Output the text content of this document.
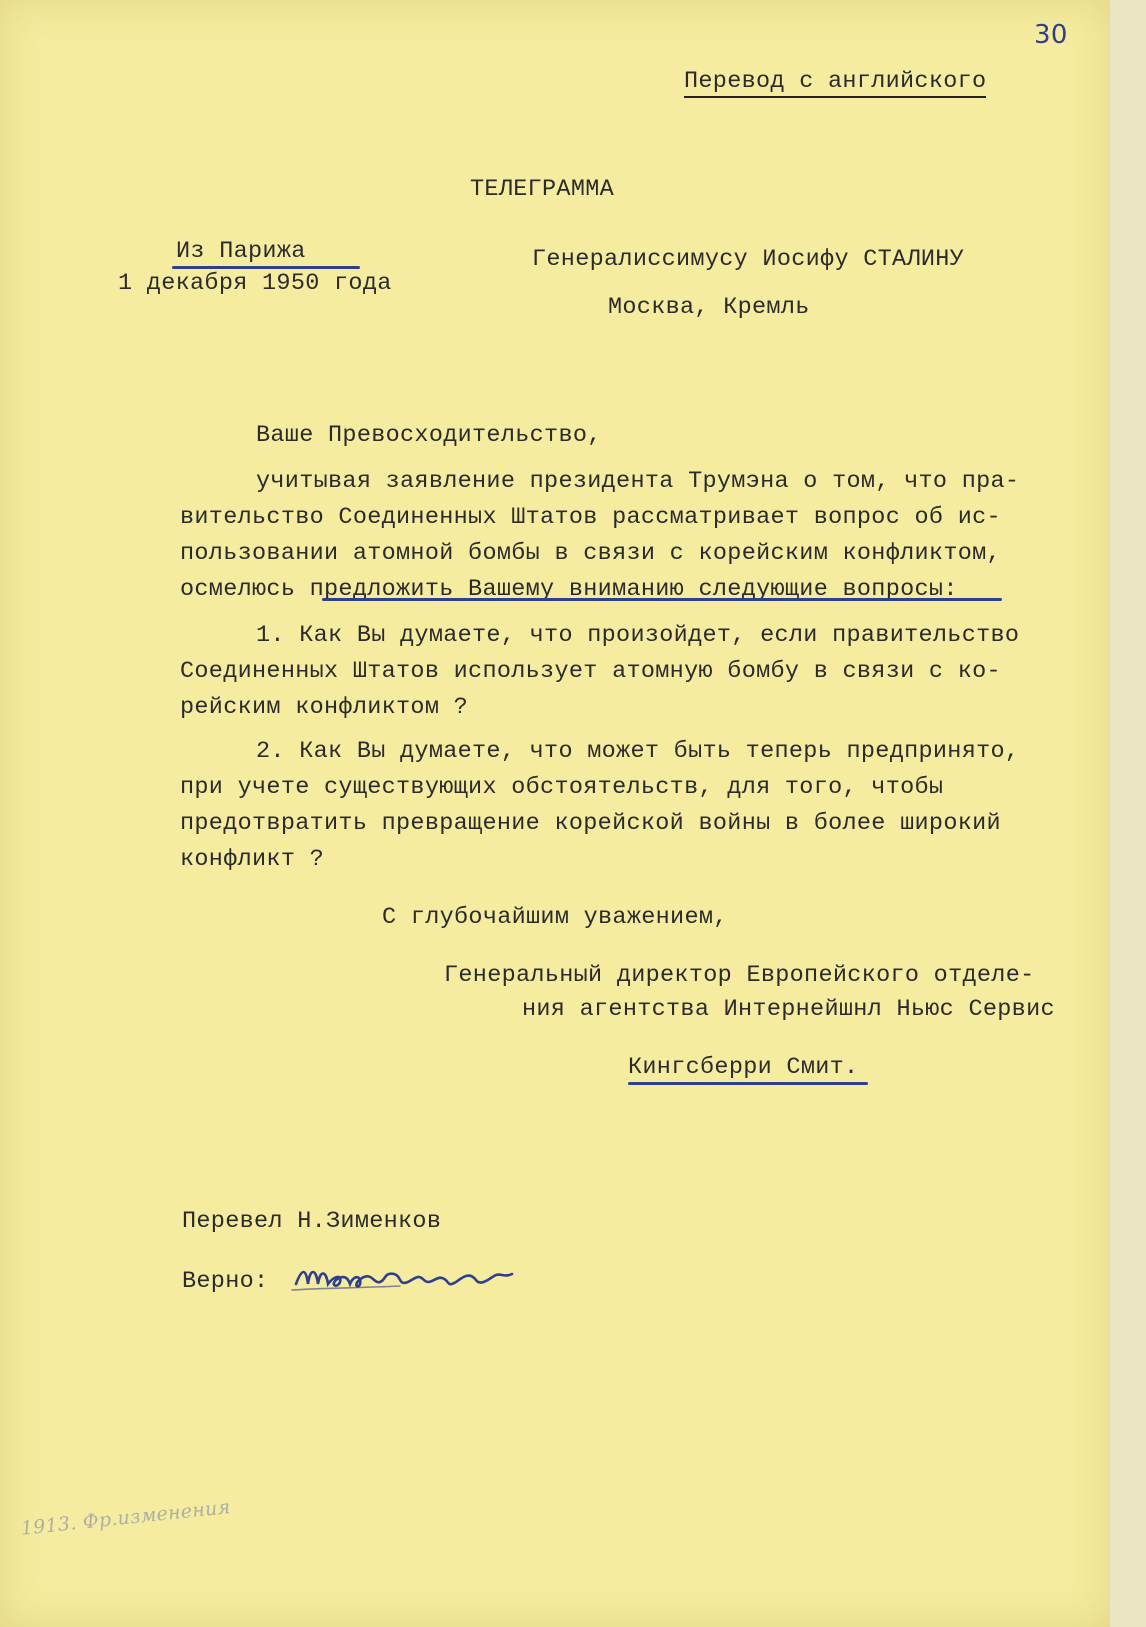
30
Перевод с английского
ТЕЛЕГРАММА
Из Парижа
1 декабря 1950 года
Генералиссимусу Иосифу СТАЛИНУ
Москва, Кремль
Ваше Превосходительство,
учитывая заявление президента Трумэна о том, что пра-
вительство Соединенных Штатов рассматривает вопрос об ис-
пользовании атомной бомбы в связи с корейским конфликтом,
осмелюсь предложить Вашему вниманию следующие вопросы:
1. Как Вы думаете, что произойдет, если правительство
Соединенных Штатов использует атомную бомбу в связи с ко-
рейским конфликтом ?
2. Как Вы думаете, что может быть теперь предпринято,
при учете существующих обстоятельств, для того, чтобы
предотвратить превращение корейской войны в более широкий
конфликт ?
С глубочайшим уважением,
Генеральный директор Европейского отделе-
ния агентства Интернейшнл Ньюс Сервис
Кингсберри Смит.
Перевел Н.Зименков
Верно:
1913. Фр.изменения
